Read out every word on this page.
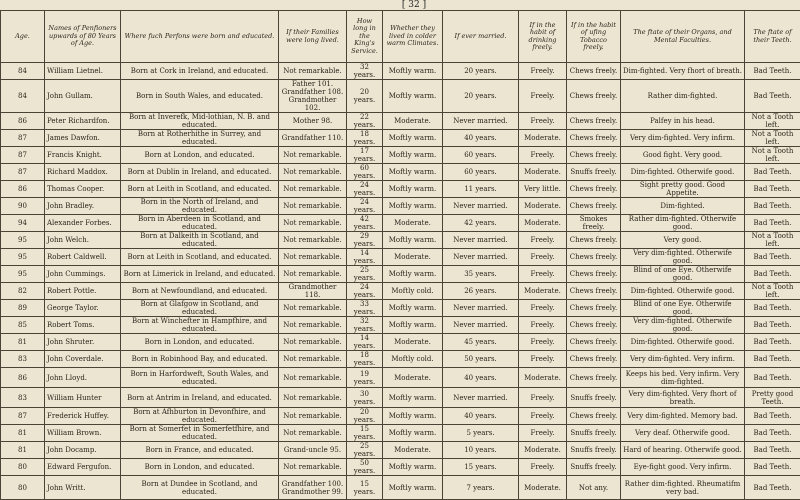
[ 32 ]
Age.	Names of Penfioners upwards of 80 Years of Age.	Where fuch Perfons were born and educated.	If their Families were long lived.	How long in the King's Service.	Whether they lived in colder warm Climates.	If ever married.	If in the habit of drinking freely.	If in the habit of ufing Tobacco freely.	The ftate of their Organs, and Mental Faculties.	The ftate of their Teeth.
84	William Lietnel.	Born at Cork in Ireland, and educated.	Not remarkable.	32 years.	Moftly warm.	20 years.	Freely.	Chews freely.	Dim-fighted. Very fhort of breath.	Bad Teeth.
84	John Gullam.	Born in South Wales, and educated.	Father 101. Grandfather 108. Grandmother 102.	20 years.	Moftly warm.	20 years.	Freely.	Chews freely.	Rather dim-fighted.	Bad Teeth.
86	Peter Richardfon.	Born at Inverefk, Mid-lothian, N. B. and educated.	Mother 98.	22 years.	Moderate.	Never married.	Freely.	Chews freely.	Palfey in his head.	Not a Tooth left.
87	James Dawfon.	Born at Rotherhithe in Surrey, and educated.	Grandfather 110.	18 years.	Moftly warm.	40 years.	Moderate.	Chews freely.	Very dim-fighted. Very infirm.	Not a Tooth left.
87	Francis Knight.	Born at London, and educated.	Not remarkable.	17 years.	Moftly warm.	60 years.	Freely.	Chews freely.	Good fight. Very good.	Not a Tooth left.
87	Richard Maddox.	Born at Dublin in Ireland, and educated.	Not remarkable.	60 years.	Moftly warm.	60 years.	Moderate.	Snuffs freely.	Dim-fighted. Otherwife good.	Bad Teeth.
86	Thomas Cooper.	Born at Leith in Scotland, and educated.	Not remarkable.	24 years.	Moftly warm.	11 years.	Very little.	Chews freely.	Sight pretty good. Good Appetite.	Bad Teeth.
90	John Bradley.	Born in the North of Ireland, and educated.	Not remarkable.	24 years.	Moftly warm.	Never married.	Moderate.	Chews freely.	Dim-fighted.	Bad Teeth.
94	Alexander Forbes.	Born in Aberdeen in Scotland, and educated.	Not remarkable.	42 years.	Moderate.	42 years.	Moderate.	Smokes freely.	Rather dim-fighted. Otherwife good.	Bad Teeth.
95	John Welch.	Born at Dalkeith in Scotland, and educated.	Not remarkable.	29 years.	Moftly warm.	Never married.	Freely.	Chews freely.	Very good.	Not a Tooth left.
95	Robert Caldwell.	Born at Leith in Scotland, and educated.	Not remarkable.	14 years.	Moderate.	Never married.	Freely.	Chews freely.	Very dim-fighted. Otherwife good.	Bad Teeth.
95	John Cummings.	Born at Limerick in Ireland, and educated.	Not remarkable.	25 years.	Moftly warm.	35 years.	Freely.	Chews freely.	Blind of one Eye. Otherwife good.	Bad Teeth.
82	Robert Pottle.	Born at Newfoundland, and educated.	Grandmother 118.	24 years.	Moftly cold.	26 years.	Moderate.	Chews freely.	Dim-fighted. Otherwife good.	Not a Tooth left.
89	George Taylor.	Born at Glafgow in Scotland, and educated.	Not remarkable.	33 years.	Moftly warm.	Never married.	Freely.	Chews freely.	Blind of one Eye. Otherwife good.	Bad Teeth.
85	Robert Toms.	Born at Winchefter in Hampfhire, and educated.	Not remarkable.	32 years.	Moftly warm.	Never married.	Freely.	Chews freely.	Very dim-fighted. Otherwife good.	Bad Teeth.
81	John Shruter.	Born in London, and educated.	Not remarkable.	14 years.	Moderate.	45 years.	Freely.	Chews freely.	Dim-fighted. Otherwife good.	Bad Teeth.
83	John Coverdale.	Born in Robinhood Bay, and educated.	Not remarkable.	18 years.	Moftly cold.	50 years.	Freely.	Chews freely.	Very dim-fighted. Very infirm.	Bad Teeth.
86	John Lloyd.	Born in Harfordweft, South Wales, and educated.	Not remarkable.	19 years.	Moderate.	40 years.	Moderate.	Chews freely.	Keeps his bed. Very infirm. Very dim-fighted.	Bad Teeth.
83	William Hunter	Born at Antrim in Ireland, and educated.	Not remarkable.	30 years.	Moftly warm.	Never married.	Freely.	Snuffs freely.	Very dim-fighted. Very fhort of breath.	Pretty good Teeth.
87	Frederick Huffey.	Born at Afhburton in Devonfhire, and educated.	Not remarkable.	20 years.	Moftly warm.	40 years.	Freely.	Chews freely.	Very dim-fighted. Memory bad.	Bad Teeth.
81	William Brown.	Born at Somerfet in Somerfetfhire, and educated.	Not remarkable.	15 years.	Moftly warm.	5 years.	Freely.	Snuffs freely.	Very deaf. Otherwife good.	Bad Teeth.
81	John Docamp.	Born in France, and educated.	Grand-uncle 95.	25 years.	Moderate.	10 years.	Moderate.	Snuffs freely.	Hard of hearing. Otherwife good.	Bad Teeth.
80	Edward Fergufon.	Born in London, and educated.	Not remarkable.	50 years.	Moftly warm.	15 years.	Freely.	Snuffs freely.	Eye-fight good. Very infirm.	Bad Teeth.
80	John Writt.	Born at Dundee in Scotland, and educated.	Grandfather 100. Grandmother 99.	15 years.	Moftly warm.	7 years.	Moderate.	Not any.	Rather dim-fighted. Rheumatifm very bad.	Bad Teeth.
